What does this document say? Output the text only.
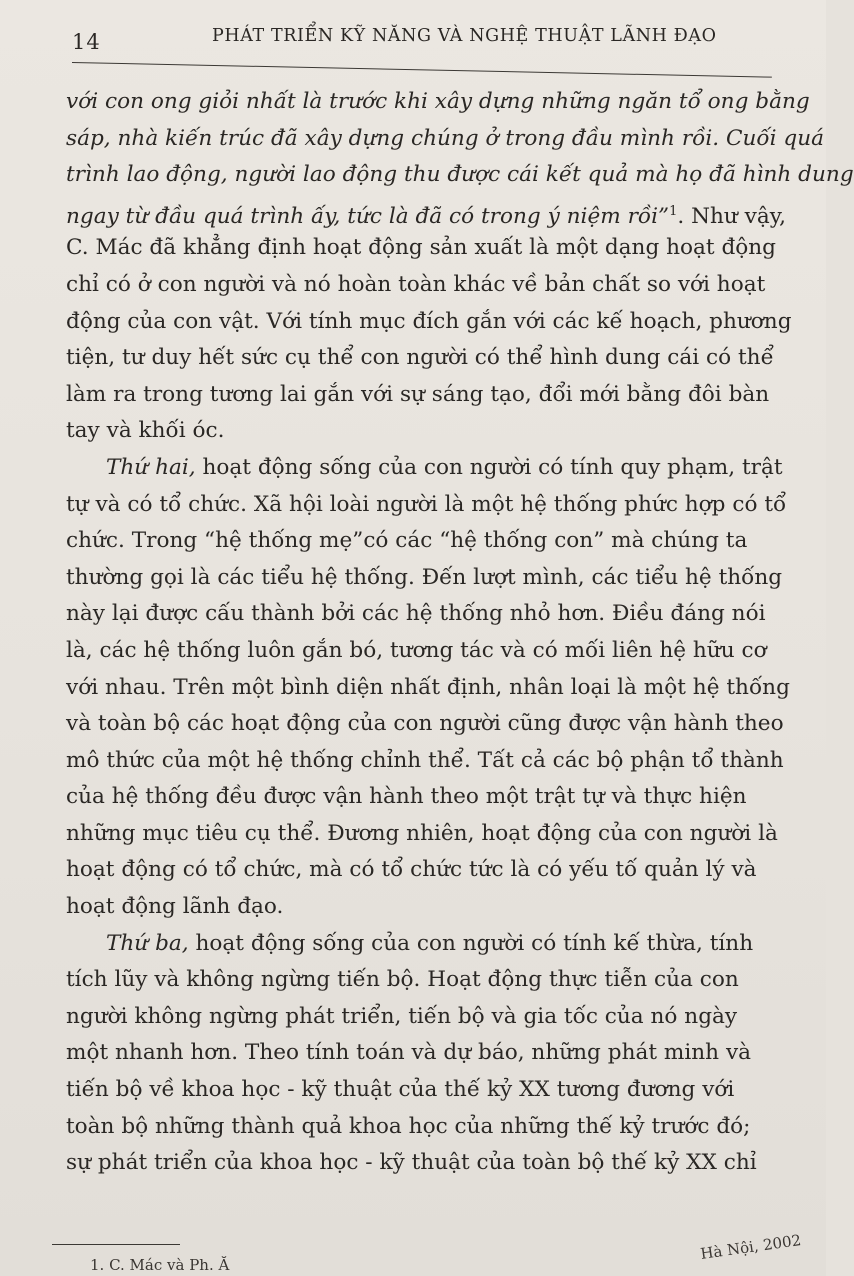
14	PHÁT TRIỂN KỸ NĂNG VÀ NGHỆ THUẬT LÃNH ĐẠO
với con ong giỏi nhất là trước khi xây dựng những ngăn tổ ong bằng
sáp, nhà kiến trúc đã xây dựng chúng ở trong đầu mình rồi. Cuối quá
trình lao động, người lao động thu được cái kết quả mà họ đã hình dung
ngay từ đầu quá trình ấy, tức là đã có trong ý niệm rồi”$^1$. Như vậy,
C. Mác đã khẳng định hoạt động sản xuất là một dạng hoạt động
chỉ có ở con người và nó hoàn toàn khác về bản chất so với hoạt
động của con vật. Với tính mục đích gắn với các kế hoạch, phương
tiện, tư duy hết sức cụ thể con người có thể hình dung cái có thể
làm ra trong tương lai gắn với sự sáng tạo, đổi mới bằng đôi bàn
tay và khối óc.
Thứ hai, hoạt động sống của con người có tính quy phạm, trật
tự và có tổ chức. Xã hội loài người là một hệ thống phức hợp có tổ
chức. Trong “hệ thống mẹ”có các “hệ thống con” mà chúng ta
thường gọi là các tiểu hệ thống. Đến lượt mình, các tiểu hệ thống
này lại được cấu thành bởi các hệ thống nhỏ hơn. Điều đáng nói
là, các hệ thống luôn gắn bó, tương tác và có mối liên hệ hữu cơ
với nhau. Trên một bình diện nhất định, nhân loại là một hệ thống
và toàn bộ các hoạt động của con người cũng được vận hành theo
mô thức của một hệ thống chỉnh thể. Tất cả các bộ phận tổ thành
của hệ thống đều được vận hành theo một trật tự và thực hiện
những mục tiêu cụ thể. Đương nhiên, hoạt động của con người là
hoạt động có tổ chức, mà có tổ chức tức là có yếu tố quản lý và
hoạt động lãnh đạo.
Thứ ba, hoạt động sống của con người có tính kế thừa, tính
tích lũy và không ngừng tiến bộ. Hoạt động thực tiễn của con
người không ngừng phát triển, tiến bộ và gia tốc của nó ngày
một nhanh hơn. Theo tính toán và dự báo, những phát minh và
tiến bộ về khoa học - kỹ thuật của thế kỷ XX tương đương với
toàn bộ những thành quả khoa học của những thế kỷ trước đó;
sự phát triển của khoa học - kỹ thuật của toàn bộ thế kỷ XX chỉ
1. C. Mác và Ph. Ă
Hà Nội, 2002
